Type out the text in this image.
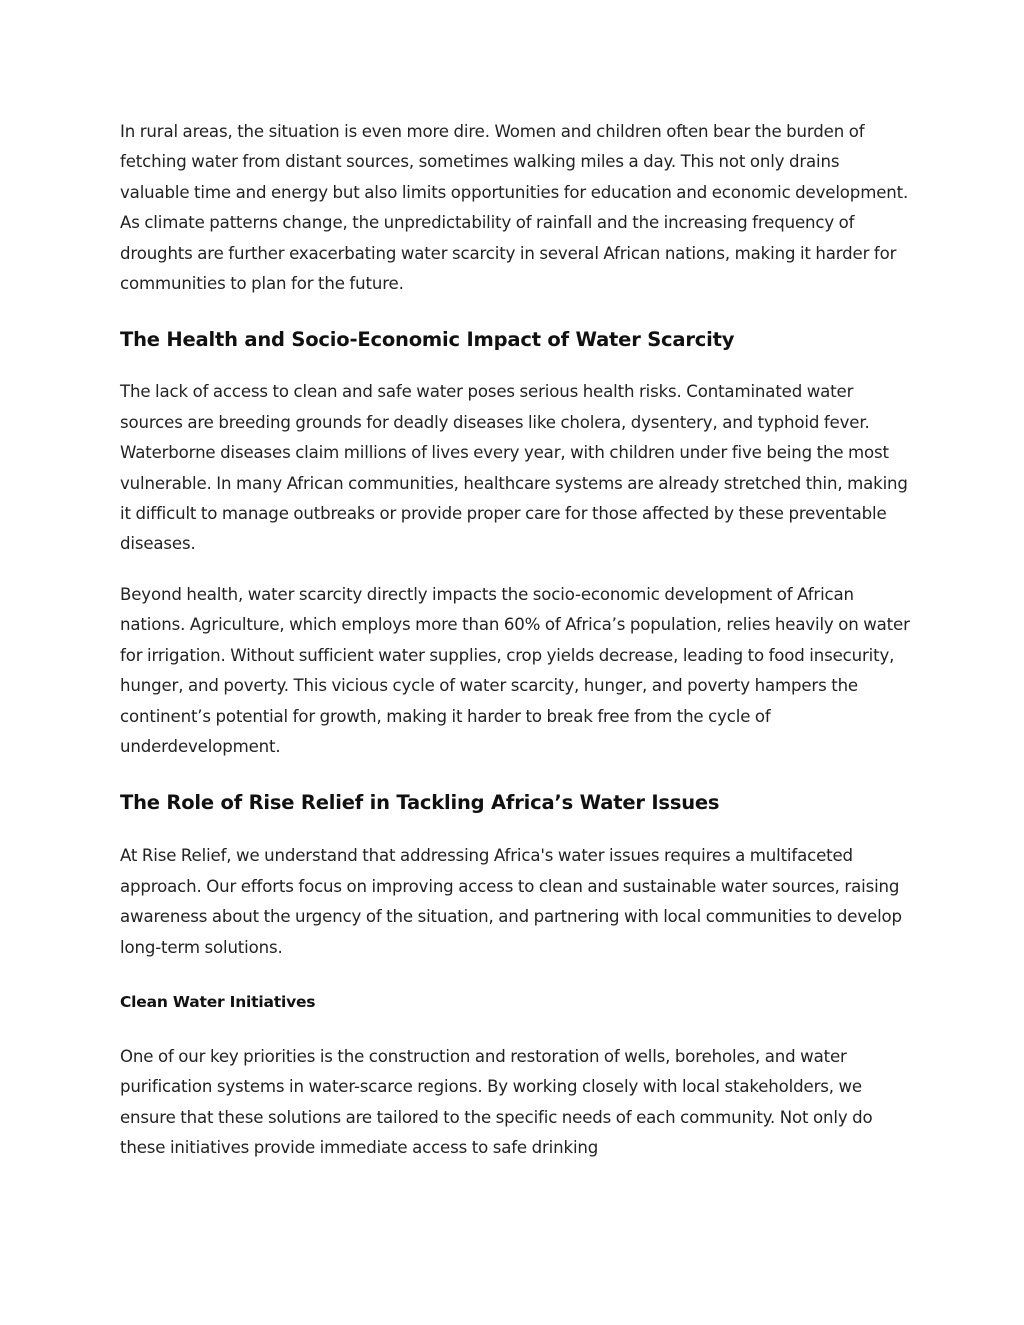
In rural areas, the situation is even more dire. Women and children often bear the burden of fetching water from distant sources, sometimes walking miles a day. This not only drains valuable time and energy but also limits opportunities for education and economic development. As climate patterns change, the unpredictability of rainfall and the increasing frequency of droughts are further exacerbating water scarcity in several African nations, making it harder for communities to plan for the future.

The Health and Socio-Economic Impact of Water Scarcity

The lack of access to clean and safe water poses serious health risks. Contaminated water sources are breeding grounds for deadly diseases like cholera, dysentery, and typhoid fever. Waterborne diseases claim millions of lives every year, with children under five being the most vulnerable. In many African communities, healthcare systems are already stretched thin, making it difficult to manage outbreaks or provide proper care for those affected by these preventable diseases.

Beyond health, water scarcity directly impacts the socio-economic development of African nations. Agriculture, which employs more than 60% of Africa’s population, relies heavily on water for irrigation. Without sufficient water supplies, crop yields decrease, leading to food insecurity, hunger, and poverty. This vicious cycle of water scarcity, hunger, and poverty hampers the continent’s potential for growth, making it harder to break free from the cycle of underdevelopment.

The Role of Rise Relief in Tackling Africa’s Water Issues

At Rise Relief, we understand that addressing Africa's water issues requires a multifaceted approach. Our efforts focus on improving access to clean and sustainable water sources, raising awareness about the urgency of the situation, and partnering with local communities to develop long-term solutions.

Clean Water Initiatives

One of our key priorities is the construction and restoration of wells, boreholes, and water purification systems in water-scarce regions. By working closely with local stakeholders, we ensure that these solutions are tailored to the specific needs of each community. Not only do these initiatives provide immediate access to safe drinking
